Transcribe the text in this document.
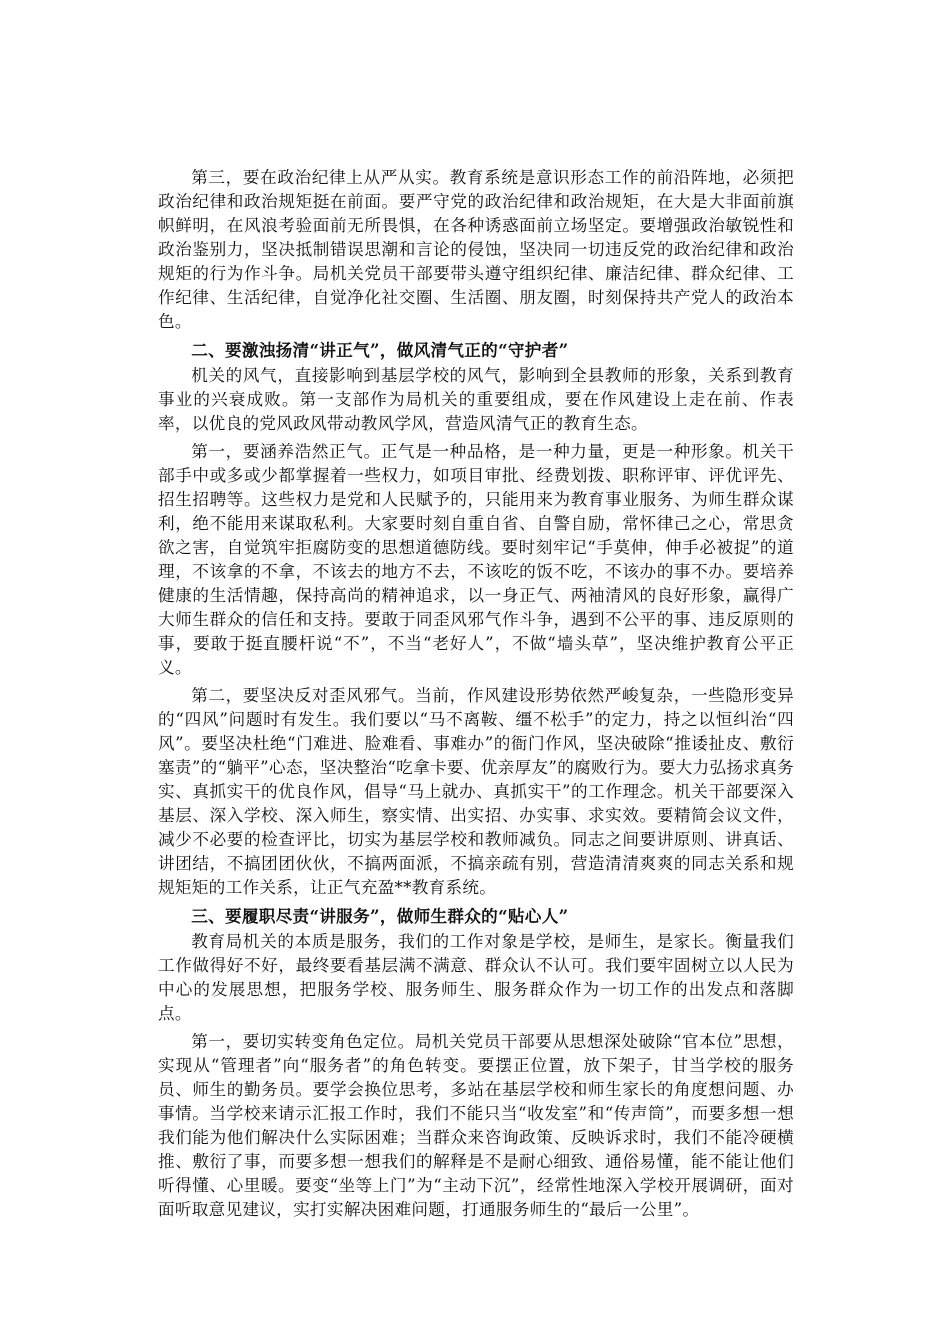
第三，要在政治纪律上从严从实。教育系统是意识形态工作的前沿阵地，必须把政治纪律和政治规矩挺在前面。要严守党的政治纪律和政治规矩，在大是大非面前旗帜鲜明，在风浪考验面前无所畏惧，在各种诱惑面前立场坚定。要增强政治敏锐性和政治鉴别力，坚决抵制错误思潮和言论的侵蚀，坚决同一切违反党的政治纪律和政治规矩的行为作斗争。局机关党员干部要带头遵守组织纪律、廉洁纪律、群众纪律、工作纪律、生活纪律，自觉净化社交圈、生活圈、朋友圈，时刻保持共产党人的政治本色。

二、要激浊扬清“讲正气”，做风清气正的“守护者”

机关的风气，直接影响到基层学校的风气，影响到全县教师的形象，关系到教育事业的兴衰成败。第一支部作为局机关的重要组成，要在作风建设上走在前、作表率，以优良的党风政风带动教风学风，营造风清气正的教育生态。

第一，要涵养浩然正气。正气是一种品格，是一种力量，更是一种形象。机关干部手中或多或少都掌握着一些权力，如项目审批、经费划拨、职称评审、评优评先、招生招聘等。这些权力是党和人民赋予的，只能用来为教育事业服务、为师生群众谋利，绝不能用来谋取私利。大家要时刻自重自省、自警自励，常怀律己之心，常思贪欲之害，自觉筑牢拒腐防变的思想道德防线。要时刻牢记“手莫伸，伸手必被捉”的道理，不该拿的不拿，不该去的地方不去，不该吃的饭不吃，不该办的事不办。要培养健康的生活情趣，保持高尚的精神追求，以一身正气、两袖清风的良好形象，赢得广大师生群众的信任和支持。要敢于同歪风邪气作斗争，遇到不公平的事、违反原则的事，要敢于挺直腰杆说“不”，不当“老好人”，不做“墙头草”，坚决维护教育公平正义。

第二，要坚决反对歪风邪气。当前，作风建设形势依然严峻复杂，一些隐形变异的“四风”问题时有发生。我们要以“马不离鞍、缰不松手”的定力，持之以恒纠治“四风”。要坚决杜绝“门难进、脸难看、事难办”的衙门作风，坚决破除“推诿扯皮、敷衍塞责”的“躺平”心态，坚决整治“吃拿卡要、优亲厚友”的腐败行为。要大力弘扬求真务实、真抓实干的优良作风，倡导“马上就办、真抓实干”的工作理念。机关干部要深入基层、深入学校、深入师生，察实情、出实招、办实事、求实效。要精简会议文件，减少不必要的检查评比，切实为基层学校和教师减负。同志之间要讲原则、讲真话、讲团结，不搞团团伙伙，不搞两面派，不搞亲疏有别，营造清清爽爽的同志关系和规规矩矩的工作关系，让正气充盈**教育系统。

三、要履职尽责“讲服务”，做师生群众的“贴心人”

教育局机关的本质是服务，我们的工作对象是学校，是师生，是家长。衡量我们工作做得好不好，最终要看基层满不满意、群众认不认可。我们要牢固树立以人民为中心的发展思想，把服务学校、服务师生、服务群众作为一切工作的出发点和落脚点。

第一，要切实转变角色定位。局机关党员干部要从思想深处破除“官本位”思想，实现从“管理者”向“服务者”的角色转变。要摆正位置，放下架子，甘当学校的服务员、师生的勤务员。要学会换位思考，多站在基层学校和师生家长的角度想问题、办事情。当学校来请示汇报工作时，我们不能只当“收发室”和“传声筒”，而要多想一想我们能为他们解决什么实际困难；当群众来咨询政策、反映诉求时，我们不能冷硬横推、敷衍了事，而要多想一想我们的解释是不是耐心细致、通俗易懂，能不能让他们听得懂、心里暖。要变“坐等上门”为“主动下沉”，经常性地深入学校开展调研，面对面听取意见建议，实打实解决困难问题，打通服务师生的“最后一公里”。
